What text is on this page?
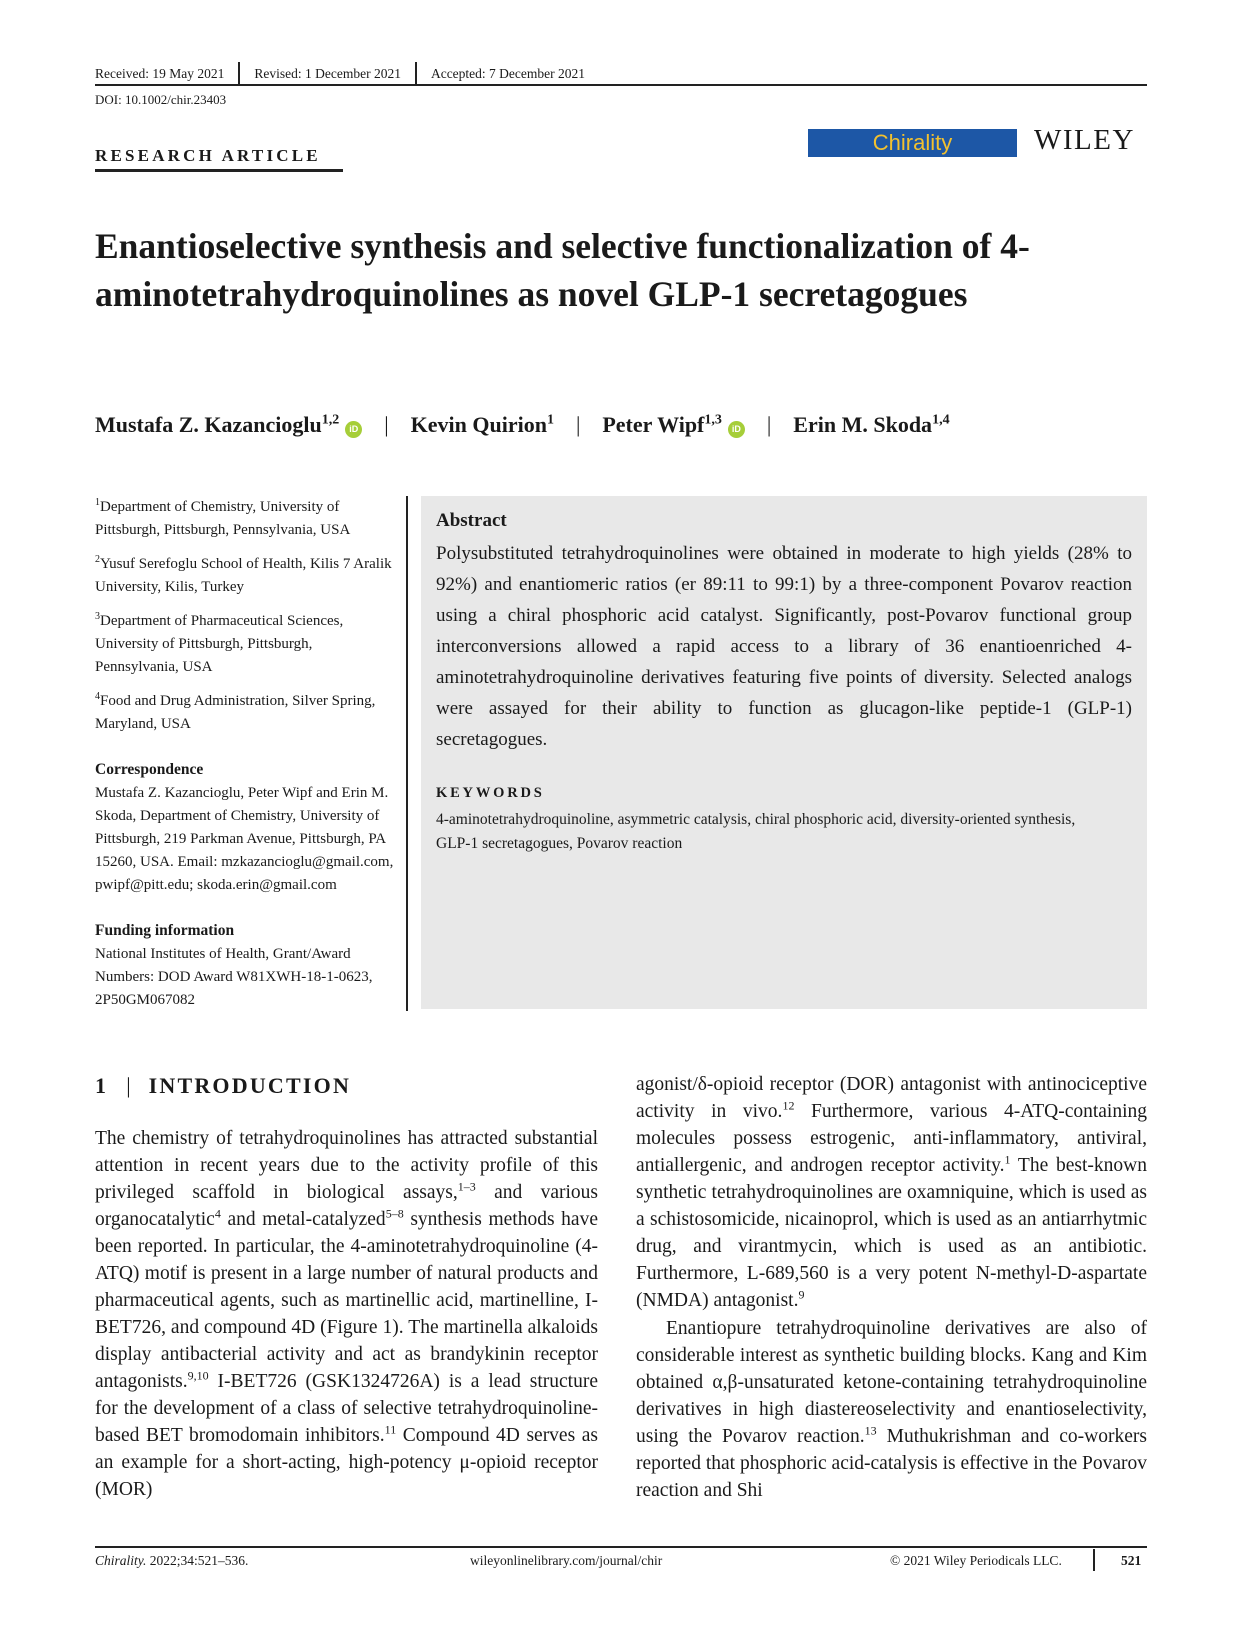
Received: 19 May 2021	Revised: 1 December 2021	Accepted: 7 December 2021
DOI: 10.1002/chir.23403
RESEARCH ARTICLE
Chirality	WILEY
Enantioselective synthesis and selective functionalization of 4-aminotetrahydroquinolines as novel GLP-1 secretagogues
Mustafa Z. Kazancioglu$^{1,2}$
iD	|	Kevin Quirion$^1$	|	Peter Wipf$^{1,3}$
iD	|	Erin M. Skoda$^{1,4}$

$^1$Department of Chemistry, University of Pittsburgh, Pittsburgh, Pennsylvania, USA

$^2$Yusuf Serefoglu School of Health, Kilis 7 Aralik University, Kilis, Turkey

$^3$Department of Pharmaceutical Sciences, University of Pittsburgh, Pittsburgh, Pennsylvania, USA

$^4$Food and Drug Administration, Silver Spring, Maryland, USA

Correspondence

Mustafa Z. Kazancioglu, Peter Wipf and Erin M. Skoda, Department of Chemistry, University of Pittsburgh, 219 Parkman Avenue, Pittsburgh, PA 15260, USA. Email: mzkazancioglu@gmail.com, pwipf@pitt.edu; skoda.erin@gmail.com

Funding information

National Institutes of Health, Grant/Award Numbers: DOD Award W81XWH-18-1-0623, 2P50GM067082

Abstract

Polysubstituted tetrahydroquinolines were obtained in moderate to high yields (28% to 92%) and enantiomeric ratios (er 89:11 to 99:1) by a three-component Povarov reaction using a chiral phosphoric acid catalyst. Significantly, post-Povarov functional group interconversions allowed a rapid access to a library of 36 enantioenriched 4-aminotetrahydroquinoline derivatives featuring five points of diversity. Selected analogs were assayed for their ability to function as glucagon-like peptide-1 (GLP-1) secretagogues.

KEYWORDS

4-aminotetrahydroquinoline, asymmetric catalysis, chiral phosphoric acid, diversity-oriented synthesis, GLP-1 secretagogues, Povarov reaction

1 | INTRODUCTION

The chemistry of tetrahydroquinolines has attracted substantial attention in recent years due to the activity profile of this privileged scaffold in biological assays,$^{1-3}$ and various organocatalytic$^4$ and metal-catalyzed$^{5-8}$ synthesis methods have been reported. In particular, the 4-aminotetrahydroquinoline (4-ATQ) motif is present in a large number of natural products and pharmaceutical agents, such as martinellic acid, martinelline, I-BET726, and compound 4D (Figure 1). The martinella alkaloids display antibacterial activity and act as brandykinin receptor antagonists.$^{9,10}$ I-BET726 (GSK1324726A) is a lead structure for the development of a class of selective tetrahydroquinoline-based BET bromodomain inhibitors.$^{11}$ Compound 4D serves as an example for a short-acting, high-potency μ-opioid receptor (MOR)

agonist/δ-opioid receptor (DOR) antagonist with antinociceptive activity in vivo.$^{12}$ Furthermore, various 4-ATQ-containing molecules possess estrogenic, anti-inflammatory, antiviral, antiallergenic, and androgen receptor activity.$^1$ The best-known synthetic tetrahydroquinolines are oxamniquine, which is used as a schistosomicide, nicainoprol, which is used as an antiarrhytmic drug, and virantmycin, which is used as an antibiotic. Furthermore, L-689,560 is a very potent N-methyl-D-aspartate (NMDA) antagonist.$^9$

Enantiopure tetrahydroquinoline derivatives are also of considerable interest as synthetic building blocks. Kang and Kim obtained α,β-unsaturated ketone-containing tetrahydroquinoline derivatives in high diastereoselectivity and enantioselectivity, using the Povarov reaction.$^{13}$ Muthukrishman and co-workers reported that phosphoric acid-catalysis is effective in the Povarov reaction and Shi

Chirality. 2022;34:521–536.	wileyonlinelibrary.com/journal/chir	© 2021 Wiley Periodicals LLC.	521
